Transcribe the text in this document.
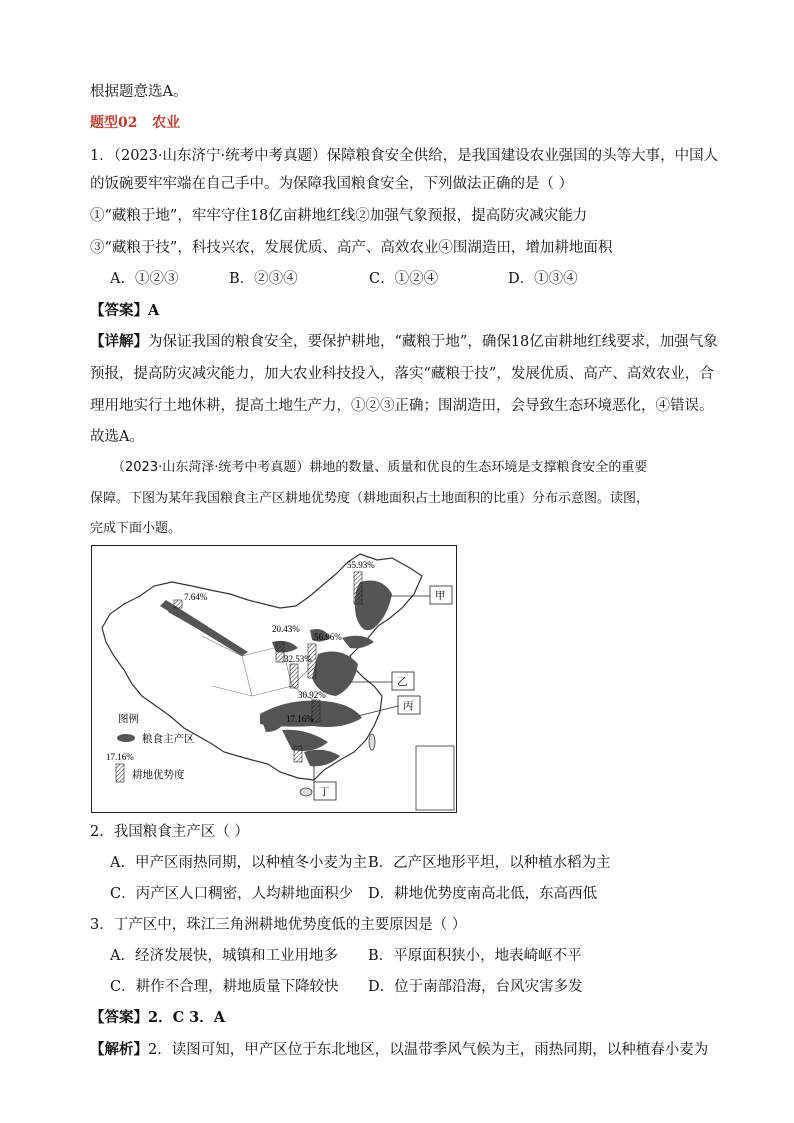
根据题意选A。
题型02 农业
1．（2023·山东济宁·统考中考真题）保障粮食安全供给，是我国建设农业强国的头等大事，中国人
的饭碗要牢牢端在自己手中。为保障我国粮食安全，下列做法正确的是（ ）
①“藏粮于地”，牢牢守住18亿亩耕地红线②加强气象预报，提高防灾减灾能力
③“藏粮于技”，科技兴农，发展优质、高产、高效农业④围湖造田，增加耕地面积
A．①②③	B．②③④	C．①②④	D．①③④
【答案】A
【详解】为保证我国的粮食安全，要保护耕地，“藏粮于地”，确保18亿亩耕地红线要求，加强气象
预报，提高防灾减灾能力，加大农业科技投入，落实“藏粮于技”，发展优质、高产、高效农业，合
理用地实行土地休耕，提高土地生产力，①②③正确；围湖造田，会导致生态环境恶化，④错误。
故选A。
（2023·山东菏泽·统考中考真题）耕地的数量、质量和优良的生态环境是支撑粮食安全的重要
保障。下图为某年我国粮食主产区耕地优势度（耕地面积占土地面积的比重）分布示意图。读图，
完成下面小题。
55.93%
7.64%
20.43%
56.96%
32.53%
30.92%
17.16%
甲
乙
丙
丁
图例
粮食主产区
17.16%
耕地优势度
2．我国粮食主产区（ ）
A．甲产区雨热同期，以种植冬小麦为主 B．乙产区地形平坦，以种植水稻为主
C．丙产区人口稠密，人均耕地面积少 D．耕地优势度南高北低，东高西低
3．丁产区中，珠江三角洲耕地优势度低的主要原因是（ ）
A．经济发展快，城镇和工业用地多 B．平原面积狭小，地表崎岖不平
C．耕作不合理，耕地质量下降较快 D．位于南部沿海，台风灾害多发
【答案】2．C 3．A
【解析】2．读图可知，甲产区位于东北地区，以温带季风气候为主，雨热同期，以种植春小麦为
